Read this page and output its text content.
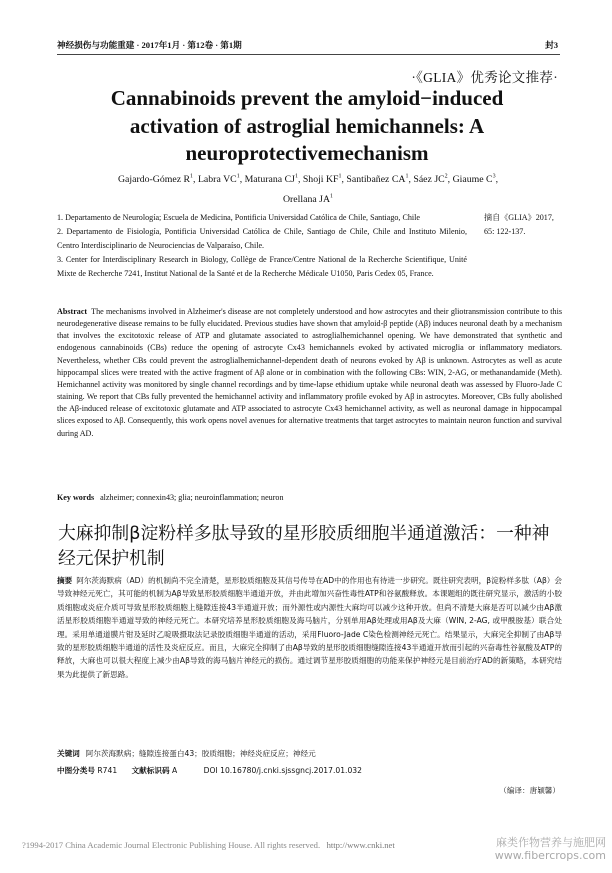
神经损伤与功能重建 · 2017年1月 · 第12卷 · 第1期	封3
·《GLIA》优秀论文推荐·
Cannabinoids prevent the amyloid−induced
activation of astroglial hemichannels: A
neuroprotectivemechanism
Gajardo-Gómez $R^1$, Labra $VC^1$, Maturana $CJ^1$, Shoji $KF^1$, Santibañez $CA^1$, Sáez $JC^2$, Giaume $C^3$,
Orellana $JA^1$

1. Departamento de Neurología; Escuela de Medicina, Pontificia Universidad Católica de Chile, Santiago, Chile

2. Departamento de Fisiología, Pontificia Universidad Católica de Chile, Santiago de Chile, Chile and Instituto Milenio, Centro Interdisciplinario de Neurociencias de Valparaíso, Chile.

3. Center for Interdisciplinary Research in Biology, Collège de France/Centre National de la Recherche Scientifique, Unité Mixte de Recherche 7241, Institut National de la Santé et de la Recherche Médicale U1050, Paris Cedex 05, France.

摘自《GLIA》2017, 65: 122-137.
Abstract The mechanisms involved in Alzheimer's disease are not completely understood and how astrocytes and their gliotransmission contribute to this neurodegenerative disease remains to be fully elucidated. Previous studies have shown that amyloid-β peptide (Aβ) induces neuronal death by a mechanism that involves the excitotoxic release of ATP and glutamate associated to astroglialhemichannel opening. We have demonstrated that synthetic and endogenous cannabinoids (CBs) reduce the opening of astrocyte Cx43 hemichannels evoked by activated microglia or inflammatory mediators. Nevertheless, whether CBs could prevent the astroglialhemichannel-dependent death of neurons evoked by Aβ is unknown. Astrocytes as well as acute hippocampal slices were treated with the active fragment of Aβ alone or in combination with the following CBs: WIN, 2-AG, or methanandamide (Meth). Hemichannel activity was monitored by single channel recordings and by time-lapse ethidium uptake while neuronal death was assessed by Fluoro-Jade C staining. We report that CBs fully prevented the hemichannel activity and inflammatory profile evoked by Aβ in astrocytes. Moreover, CBs fully abolished the Aβ-induced release of excitotoxic glutamate and ATP associated to astrocyte Cx43 hemichannel activity, as well as neuronal damage in hippocampal slices exposed to Aβ. Consequently, this work opens novel avenues for alternative treatments that target astrocytes to maintain neuron function and survival during AD.
Key words alzheimer; connexin43; glia; neuroinflammation; neuron
大麻抑制β淀粉样多肽导致的星形胶质细胞半通道激活：一种神经元保护机制
摘要 阿尔茨海默病（AD）的机制尚不完全清楚，星形胶质细胞及其信号传导在AD中的作用也有待进一步研究。既往研究表明，β淀粉样多肽（Aβ）会导致神经元死亡，其可能的机制为Aβ导致星形胶质细胞半通道开放，并由此增加兴奋性毒性ATP和谷氨酸释放。本课题组的既往研究显示，激活的小胶质细胞或炎症介质可导致星形胶质细胞上缝隙连接43半通道开放；而外源性或内源性大麻均可以减少这种开放。但尚不清楚大麻是否可以减少由Aβ激活星形胶质细胞半通道导致的神经元死亡。本研究培养星形胶质细胞及海马脑片，分别单用Aβ处理或用Aβ及大麻（WIN, 2-AG, 或甲酰胺基）联合处理。采用单通道膜片钳及延时乙啶吸摄取法记录胶质细胞半通道的活动，采用Fluoro-Jade C染色检测神经元死亡。结果显示，大麻完全抑制了由Aβ导致的星形胶质细胞半通道的活性及炎症反应。而且，大麻完全抑制了由Aβ导致的星形胶质细胞缝隙连接43半通道开放而引起的兴奋毒性谷氨酸及ATP的释放，大麻也可以很大程度上减少由Aβ导致的海马脑片神经元的损伤。通过调节星形胶质细胞的功能来保护神经元是目前治疗AD的新策略，本研究结果为此提供了新思路。
关键词 阿尔茨海默病；缝隙连接蛋白43；胶质细胞；神经炎症反应；神经元
中图分类号 R741 文献标识码 A	DOI 10.16780/j.cnki.sjssgncj.2017.01.032
（编译：唐颖馨）
?1994-2017 China Academic Journal Electronic Publishing House. All rights reserved. http://www.cnki.net	麻类作物营养与施肥网
www.fibercrops.com
